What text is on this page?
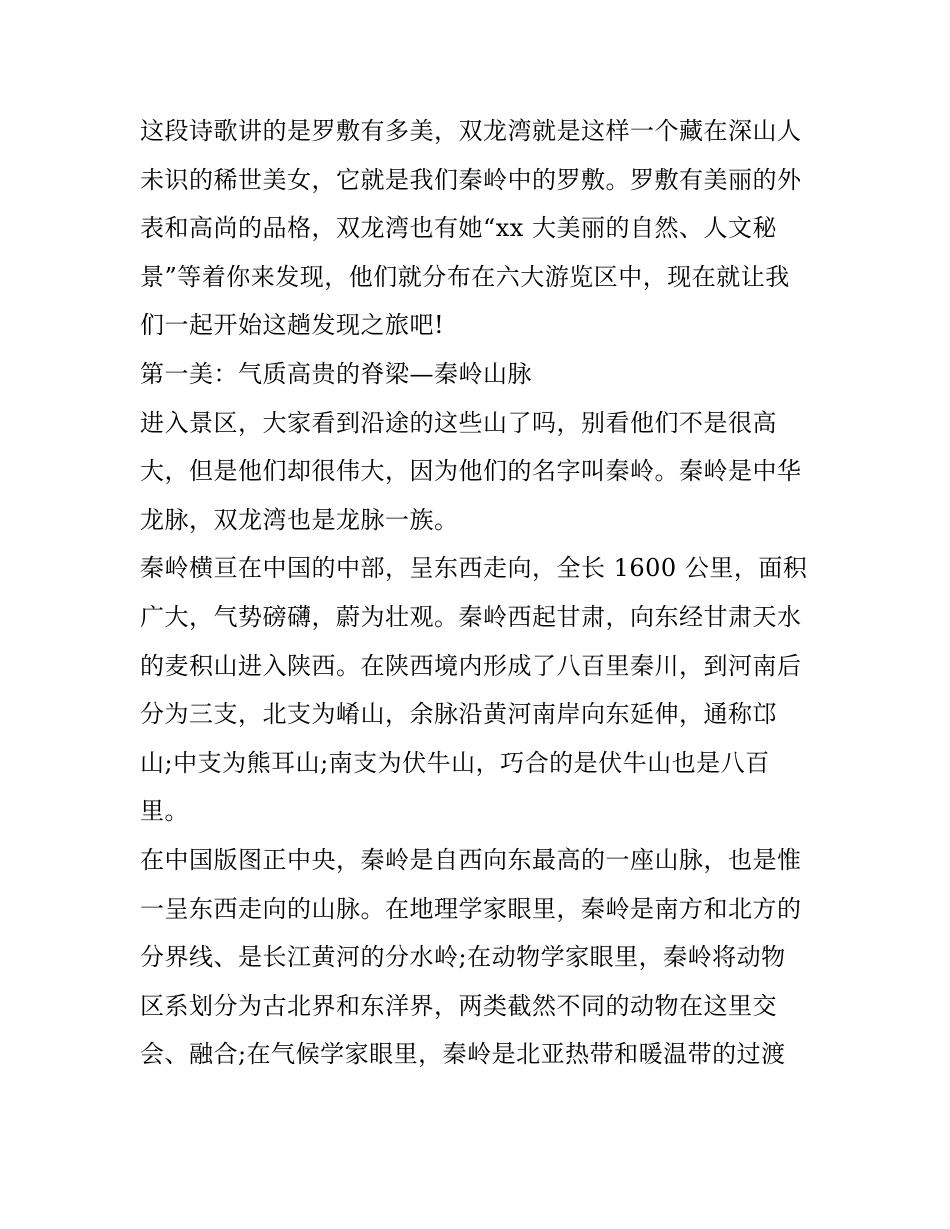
这段诗歌讲的是罗敷有多美，双龙湾就是这样一个藏在深山人
未识的稀世美女，它就是我们秦岭中的罗敷。罗敷有美丽的外
表和高尚的品格，双龙湾也有她“xx 大美丽的自然、人文秘
景”等着你来发现，他们就分布在六大游览区中，现在就让我
们一起开始这趟发现之旅吧!
第一美：气质高贵的脊梁—秦岭山脉
进入景区，大家看到沿途的这些山了吗，别看他们不是很高
大，但是他们却很伟大，因为他们的名字叫秦岭。秦岭是中华
龙脉，双龙湾也是龙脉一族。
秦岭横亘在中国的中部，呈东西走向，全长 1600 公里，面积
广大，气势磅礴，蔚为壮观。秦岭西起甘肃，向东经甘肃天水
的麦积山进入陕西。在陕西境内形成了八百里秦川，到河南后
分为三支，北支为崤山，余脉沿黄河南岸向东延伸，通称邙
山;中支为熊耳山;南支为伏牛山，巧合的是伏牛山也是八百
里。
在中国版图正中央，秦岭是自西向东最高的一座山脉，也是惟
一呈东西走向的山脉。在地理学家眼里，秦岭是南方和北方的
分界线、是长江黄河的分水岭;在动物学家眼里，秦岭将动物
区系划分为古北界和东洋界，两类截然不同的动物在这里交
会、融合;在气候学家眼里，秦岭是北亚热带和暖温带的过渡
